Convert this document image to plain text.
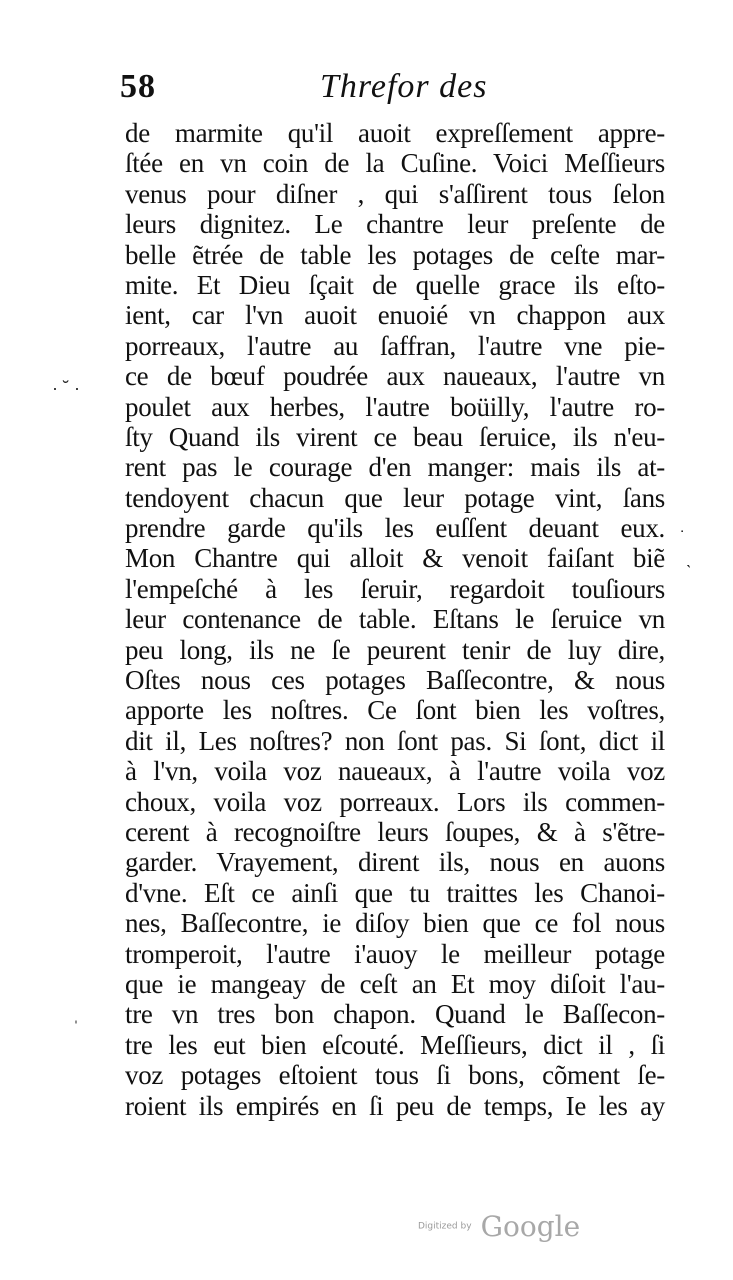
58	Threfor des
de marmite qu'il auoit expreſſement appre-
ſtée en vn coin de la Cuſine. Voici Meſſieurs
venus pour diſner , qui s'aſſirent tous ſelon
leurs dignitez. Le chantre leur preſente de
belle ẽtrée de table les potages de ceſte mar-
mite. Et Dieu ſçait de quelle grace ils eſto-
ient, car l'vn auoit enuoié vn chappon aux
porreaux, l'autre au ſaffran, l'autre vne pie-
ce de bœuf poudrée aux naueaux, l'autre vn
poulet aux herbes, l'autre boüilly, l'autre ro-
ſty Quand ils virent ce beau ſeruice, ils n'eu-
rent pas le courage d'en manger: mais ils at-
tendoyent chacun que leur potage vint, ſans
prendre garde qu'ils les euſſent deuant eux.
Mon Chantre qui alloit & venoit faiſant biẽ
l'empeſché à les ſeruir, regardoit touſiours
leur contenance de table. Eſtans le ſeruice vn
peu long, ils ne ſe peurent tenir de luy dire,
Oſtes nous ces potages Baſſecontre, & nous
apporte les noſtres. Ce ſont bien les voſtres,
dit il, Les noſtres? non ſont pas. Si ſont, dict il
à l'vn, voila voz naueaux, à l'autre voila voz
choux, voila voz porreaux. Lors ils commen-
cerent à recognoiſtre leurs ſoupes, & à s'ẽtre-
garder. Vrayement, dirent ils, nous en auons
d'vne. Eſt ce ainſi que tu traittes les Chanoi-
nes, Baſſecontre, ie diſoy bien que ce fol nous
tromperoit, l'autre i'auoy le meilleur potage
que ie mangeay de ceſt an Et moy diſoit l'au-
tre vn tres bon chapon. Quand le Baſſecon-
tre les eut bien eſcouté. Meſſieurs, dict il , ſi
voz potages eſtoient tous ſi bons, cõment ſe-
roient ils empirés en ſi peu de temps, Ie les ay
· ˘ ·
˙
ˎ
ˈ
Digitized by Google
